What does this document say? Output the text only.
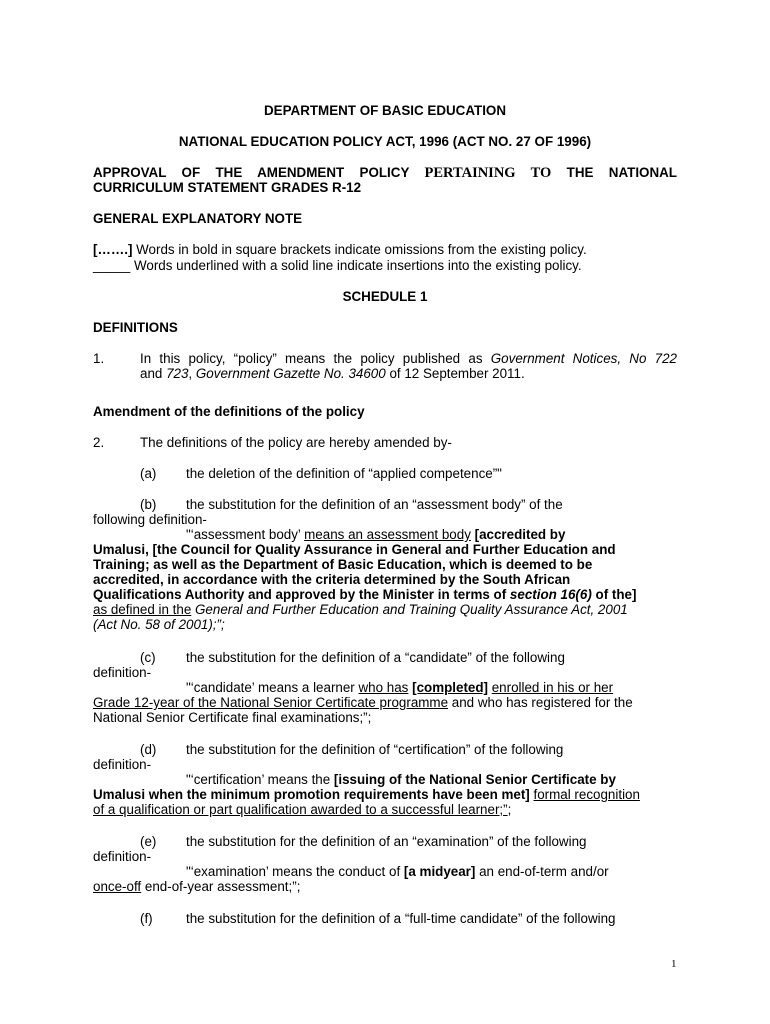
DEPARTMENT OF BASIC EDUCATION
NATIONAL EDUCATION POLICY ACT, 1996 (ACT NO. 27 OF 1996)
APPROVAL OF THE AMENDMENT POLICY PERTAINING TO THE NATIONAL
CURRICULUM STATEMENT GRADES R-12
GENERAL EXPLANATORY NOTE
[…….] Words in bold in square brackets indicate omissions from the existing policy.
_____ Words underlined with a solid line indicate insertions into the existing policy.
SCHEDULE 1
DEFINITIONS
1.	In this policy, “policy” means the policy published as Government Notices, No 722
and 723, Government Gazette No. 34600 of 12 September 2011.
Amendment of the definitions of the policy
2.	The definitions of the policy are hereby amended by-
(a) the deletion of the definition of “applied competence”"
(b) the substitution for the definition of an “assessment body” of the
following definition-
"‘assessment body’ means an assessment body [accredited by
Umalusi, [the Council for Quality Assurance in General and Further Education and
Training; as well as the Department of Basic Education, which is deemed to be
accredited, in accordance with the criteria determined by the South African
Qualifications Authority and approved by the Minister in terms of section 16(6) of the]
as defined in the General and Further Education and Training Quality Assurance Act, 2001
(Act No. 58 of 2001);”;
(c) the substitution for the definition of a “candidate” of the following
definition-
"‘candidate’ means a learner who has [completed] enrolled in his or her
Grade 12-year of the National Senior Certificate programme and who has registered for the
National Senior Certificate final examinations;”;
(d) the substitution for the definition of “certification” of the following
definition-
"‘certification’ means the [issuing of the National Senior Certificate by
Umalusi when the minimum promotion requirements have been met] formal recognition
of a qualification or part qualification awarded to a successful learner;”;
(e) the substitution for the definition of an “examination” of the following
definition-
"‘examination’ means the conduct of [a midyear] an end-of-term and/or
once-off end-of-year assessment;”;
(f) the substitution for the definition of a “full-time candidate” of the following
1
